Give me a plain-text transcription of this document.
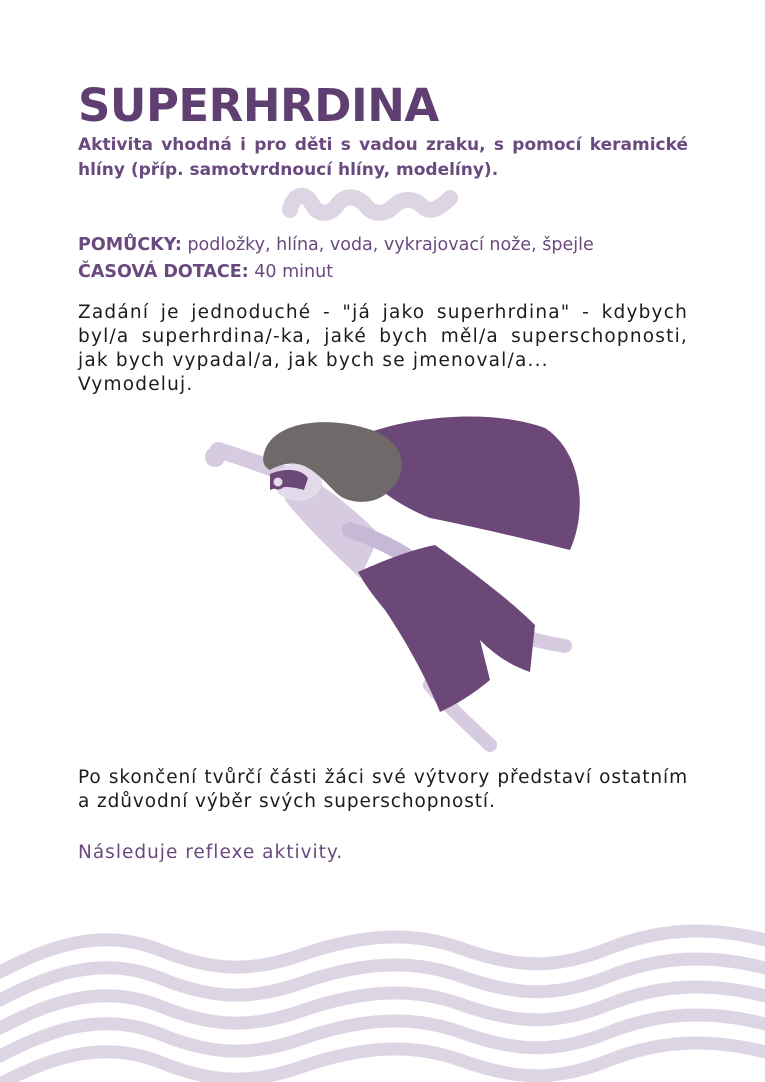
SUPERHRDINA

Aktivita vhodná i pro děti s vadou zraku, s pomocí keramické hlíny (příp. samotvrdnoucí hlíny, modelíny).

POMŮCKY: podložky, hlína, voda, vykrajovací nože, špejle

ČASOVÁ DOTACE: 40 minut

Zadání je jednoduché - "já jako superhrdina" - kdybych byl/a superhrdina/-ka, jaké bych měl/a superschopnosti, jak bych vypadal/a, jak bych se jmenoval/a...
Vymodeluj.

Po skončení tvůrčí části žáci své výtvory představí ostatním a zdůvodní výběr svých superschopností.

Následuje reflexe aktivity.
